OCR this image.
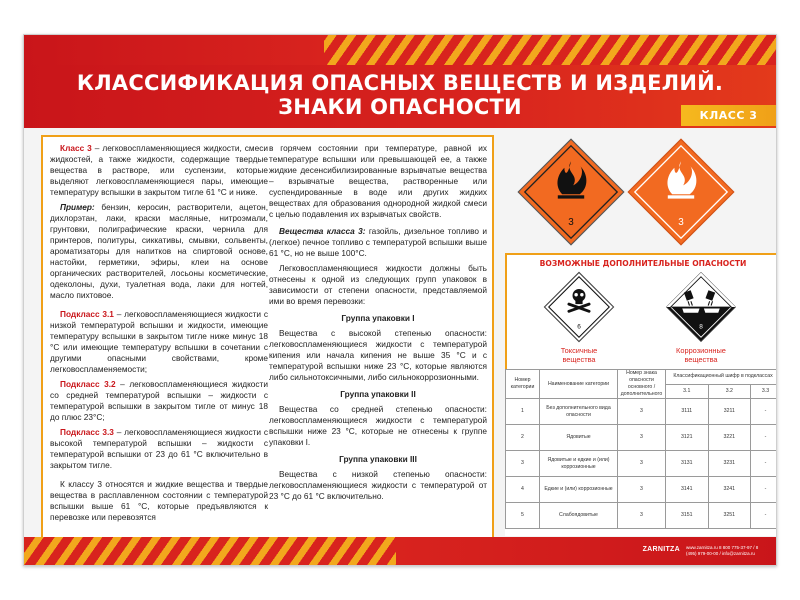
КЛАССИФИКАЦИЯ ОПАСНЫХ ВЕЩЕСТВ И ИЗДЕЛИЙ.
ЗНАКИ ОПАСНОСТИ	КЛАСС 3

Класс 3 – легковоспламеняющиеся жидкости, смеси жидкостей, а также жидкости, содержащие твердые вещества в растворе, или суспензии, которые выделяют легковоспламеняющиеся пары, имеющие температуру вспышки в закрытом тигле 61 °С и ниже.

Пример: бензин, керосин, растворители, ацетон, дихлорэтан, лаки, краски масляные, нитроэмали, грунтовки, полиграфические краски, чернила для принтеров, политуры, сиккативы, смывки, сольвенты, ароматизаторы для напитков на спиртовой основе, настойки, герметики, эфиры, клеи на основе органических растворителей, лосьоны косметические, одеколоны, духи, туалетная вода, лаки для ногтей, масло пихтовое.

Подкласс 3.1 – легковоспламеняющиеся жидкости с низкой температурой вспышки и жидкости, имеющие температуру вспышки в закрытом тигле ниже минус 18 °С или имеющие температуру вспышки в сочетании с другими опасными свойствами, кроме легковоспламеняемости;

Подкласс 3.2 – легковоспламеняющиеся жидкости со средней температурой вспышки – жидкости с температурой вспышки в закрытом тигле от минус 18 до плюс 23°С;

Подкласс 3.3 – легковоспламеняющиеся жидкости с высокой температурой вспышки – жидкости с температурой вспышки от 23 до 61 °С включительно в закрытом тигле.

К классу 3 относятся и жидкие вещества и твердые вещества в расплавленном состоянии с температурой вспышки выше 61 °С, которые предъявляются к перевозке или перевозятся

в горячем состоянии при температуре, равной их температуре вспышки или превышающей ее, а также жидкие десенсибилизированные взрывчатые вещества – взрывчатые вещества, растворенные или суспендированные в воде или других жидких веществах для образования однородной жидкой смеси с целью подавления их взрывчатых свойств.

Вещества класса 3: газойль, дизельное топливо и (легкое) печное топливо с температурой вспышки выше 61 °С, но не выше 100°С.

Легковоспламеняющиеся жидкости должны быть отнесены к одной из следующих групп упаковок в зависимости от степени опасности, представляемой ими во время перевозки:

Группа упаковки I

Вещества с высокой степенью опасности: легковоспламеняющиеся жидкости с температурой кипения или начала кипения не выше 35 °С и с температурой вспышки ниже 23 °С, которые являются либо сильнотоксичными, либо сильнокоррозионными.

Группа упаковки II

Вещества со средней степенью опасности: легковоспламеняющиеся жидкости с температурой вспышки ниже 23 °С, которые не отнесены к группе упаковки I.

Группа упаковки III

Вещества с низкой степенью опасности: легковоспламеняющиеся жидкости с температурой от 23 °С до 61 °С включительно.

3	3
ВОЗМОЖНЫЕ ДОПОЛНИТЕЛЬНЫЕ ОПАСНОСТИ
6	8
Токсичные
вещества
Коррозионные
вещества
Номер категории	Наименование категории	Номер знака опасности основного / дополнительного	Классификационный шифр в подклассах		
			3.1	3.2	3.3
1	Без дополнительного вида опасности	3	3111	3211	-
2	Ядовитые	3	3121	3221	-
3	Ядовитые и едкие и (или) коррозионные	3	3131	3231	-
4	Едкие и (или) коррозионные	3	3141	3241	-
5	Слабоядовитые	3	3151	3251	-
ZARNITZA www.zarnitza.ru 8 800 775-37-97 / 8 (495) 979-00-00 / info@zarnitza.ru
